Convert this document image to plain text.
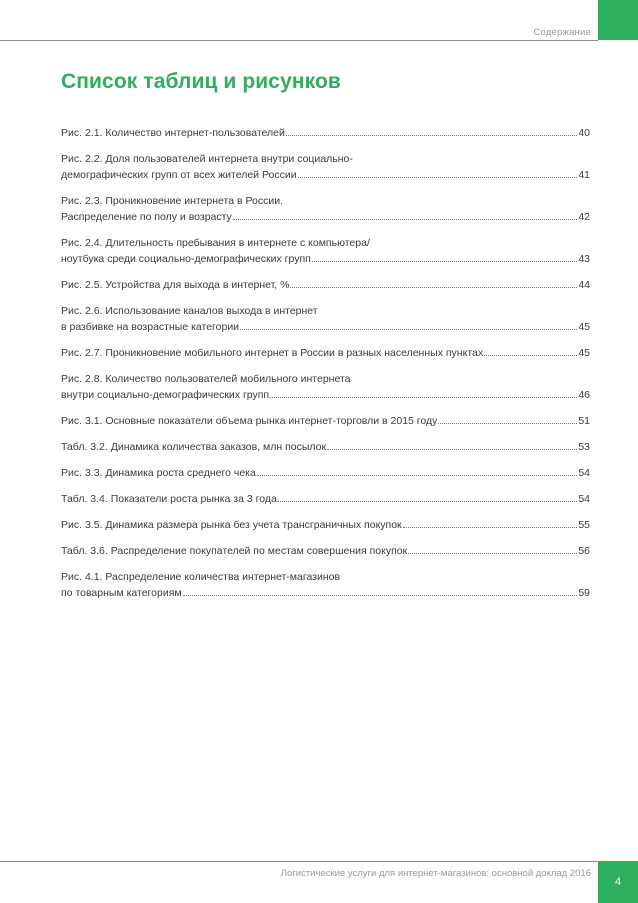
Содержание
Список таблиц и рисунков
Рис. 2.1. Количество интернет-пользователей	40
Рис. 2.2. Доля пользователей интернета внутри социально-
демографических групп от всех жителей России	41
Рис. 2.3. Проникновение интернета в России.
Распределение по полу и возрасту	42
Рис. 2.4. Длительность пребывания в интернете с компьютера/
ноутбука среди социально-демографических групп	43
Рис. 2.5. Устройства для выхода в интернет, %	44
Рис. 2.6. Использование каналов выхода в интернет
в разбивке на возрастные категории	45
Рис. 2.7. Проникновение мобильного интернет в России в разных населенных пунктах	45
Рис. 2.8. Количество пользователей мобильного интернета
внутри социально-демографических групп	46
Рис. 3.1. Основные показатели объема рынка интернет-торговли в 2015 году	51
Табл. 3.2. Динамика количества заказов, млн посылок	53
Рис. 3.3. Динамика роста среднего чека	54
Табл. 3.4. Показатели роста рынка за 3 года	54
Рис. 3.5. Динамика размера рынка без учета трансграничных покупок	55
Табл. 3.6. Распределение покупателей по местам совершения покупок	56
Рис. 4.1. Распределение количества интернет-магазинов
по товарным категориям	59
Логистические услуги для интернет-магазинов: основной доклад 2016
4
